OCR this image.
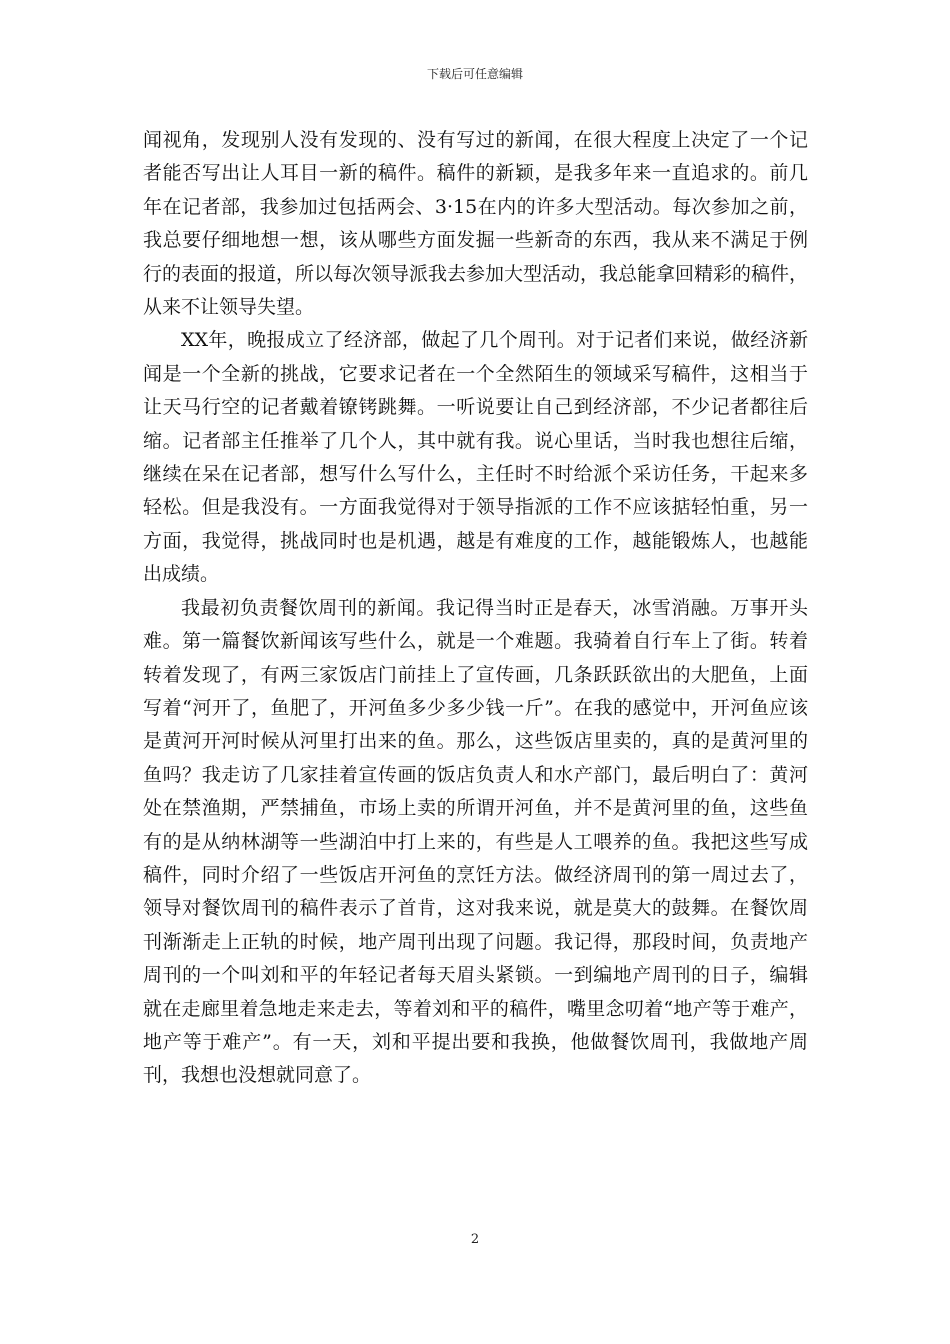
下载后可任意编辑

闻视角，发现别人没有发现的、没有写过的新闻，在很大程度上决定了一个记者能否写出让人耳目一新的稿件。稿件的新颖，是我多年来一直追求的。前几年在记者部，我参加过包括两会、3·15在内的许多大型活动。每次参加之前，我总要仔细地想一想，该从哪些方面发掘一些新奇的东西，我从来不满足于例行的表面的报道，所以每次领导派我去参加大型活动，我总能拿回精彩的稿件，从来不让领导失望。

XX年，晚报成立了经济部，做起了几个周刊。对于记者们来说，做经济新闻是一个全新的挑战，它要求记者在一个全然陌生的领域采写稿件，这相当于让天马行空的记者戴着镣铐跳舞。一听说要让自己到经济部，不少记者都往后缩。记者部主任推举了几个人，其中就有我。说心里话，当时我也想往后缩，继续在呆在记者部，想写什么写什么，主任时不时给派个采访任务，干起来多轻松。但是我没有。一方面我觉得对于领导指派的工作不应该掂轻怕重，另一方面，我觉得，挑战同时也是机遇，越是有难度的工作，越能锻炼人，也越能出成绩。

我最初负责餐饮周刊的新闻。我记得当时正是春天，冰雪消融。万事开头难。第一篇餐饮新闻该写些什么，就是一个难题。我骑着自行车上了街。转着转着发现了，有两三家饭店门前挂上了宣传画，几条跃跃欲出的大肥鱼，上面写着“河开了，鱼肥了，开河鱼多少多少钱一斤”。在我的感觉中，开河鱼应该是黄河开河时候从河里打出来的鱼。那么，这些饭店里卖的，真的是黄河里的鱼吗？我走访了几家挂着宣传画的饭店负责人和水产部门，最后明白了：黄河处在禁渔期，严禁捕鱼，市场上卖的所谓开河鱼，并不是黄河里的鱼，这些鱼有的是从纳林湖等一些湖泊中打上来的，有些是人工喂养的鱼。我把这些写成稿件，同时介绍了一些饭店开河鱼的烹饪方法。做经济周刊的第一周过去了，领导对餐饮周刊的稿件表示了首肯，这对我来说，就是莫大的鼓舞。在餐饮周刊渐渐走上正轨的时候，地产周刊出现了问题。我记得，那段时间，负责地产周刊的一个叫刘和平的年轻记者每天眉头紧锁。一到编地产周刊的日子，编辑就在走廊里着急地走来走去，等着刘和平的稿件，嘴里念叨着“地产等于难产，地产等于难产”。有一天，刘和平提出要和我换，他做餐饮周刊，我做地产周刊，我想也没想就同意了。

2
